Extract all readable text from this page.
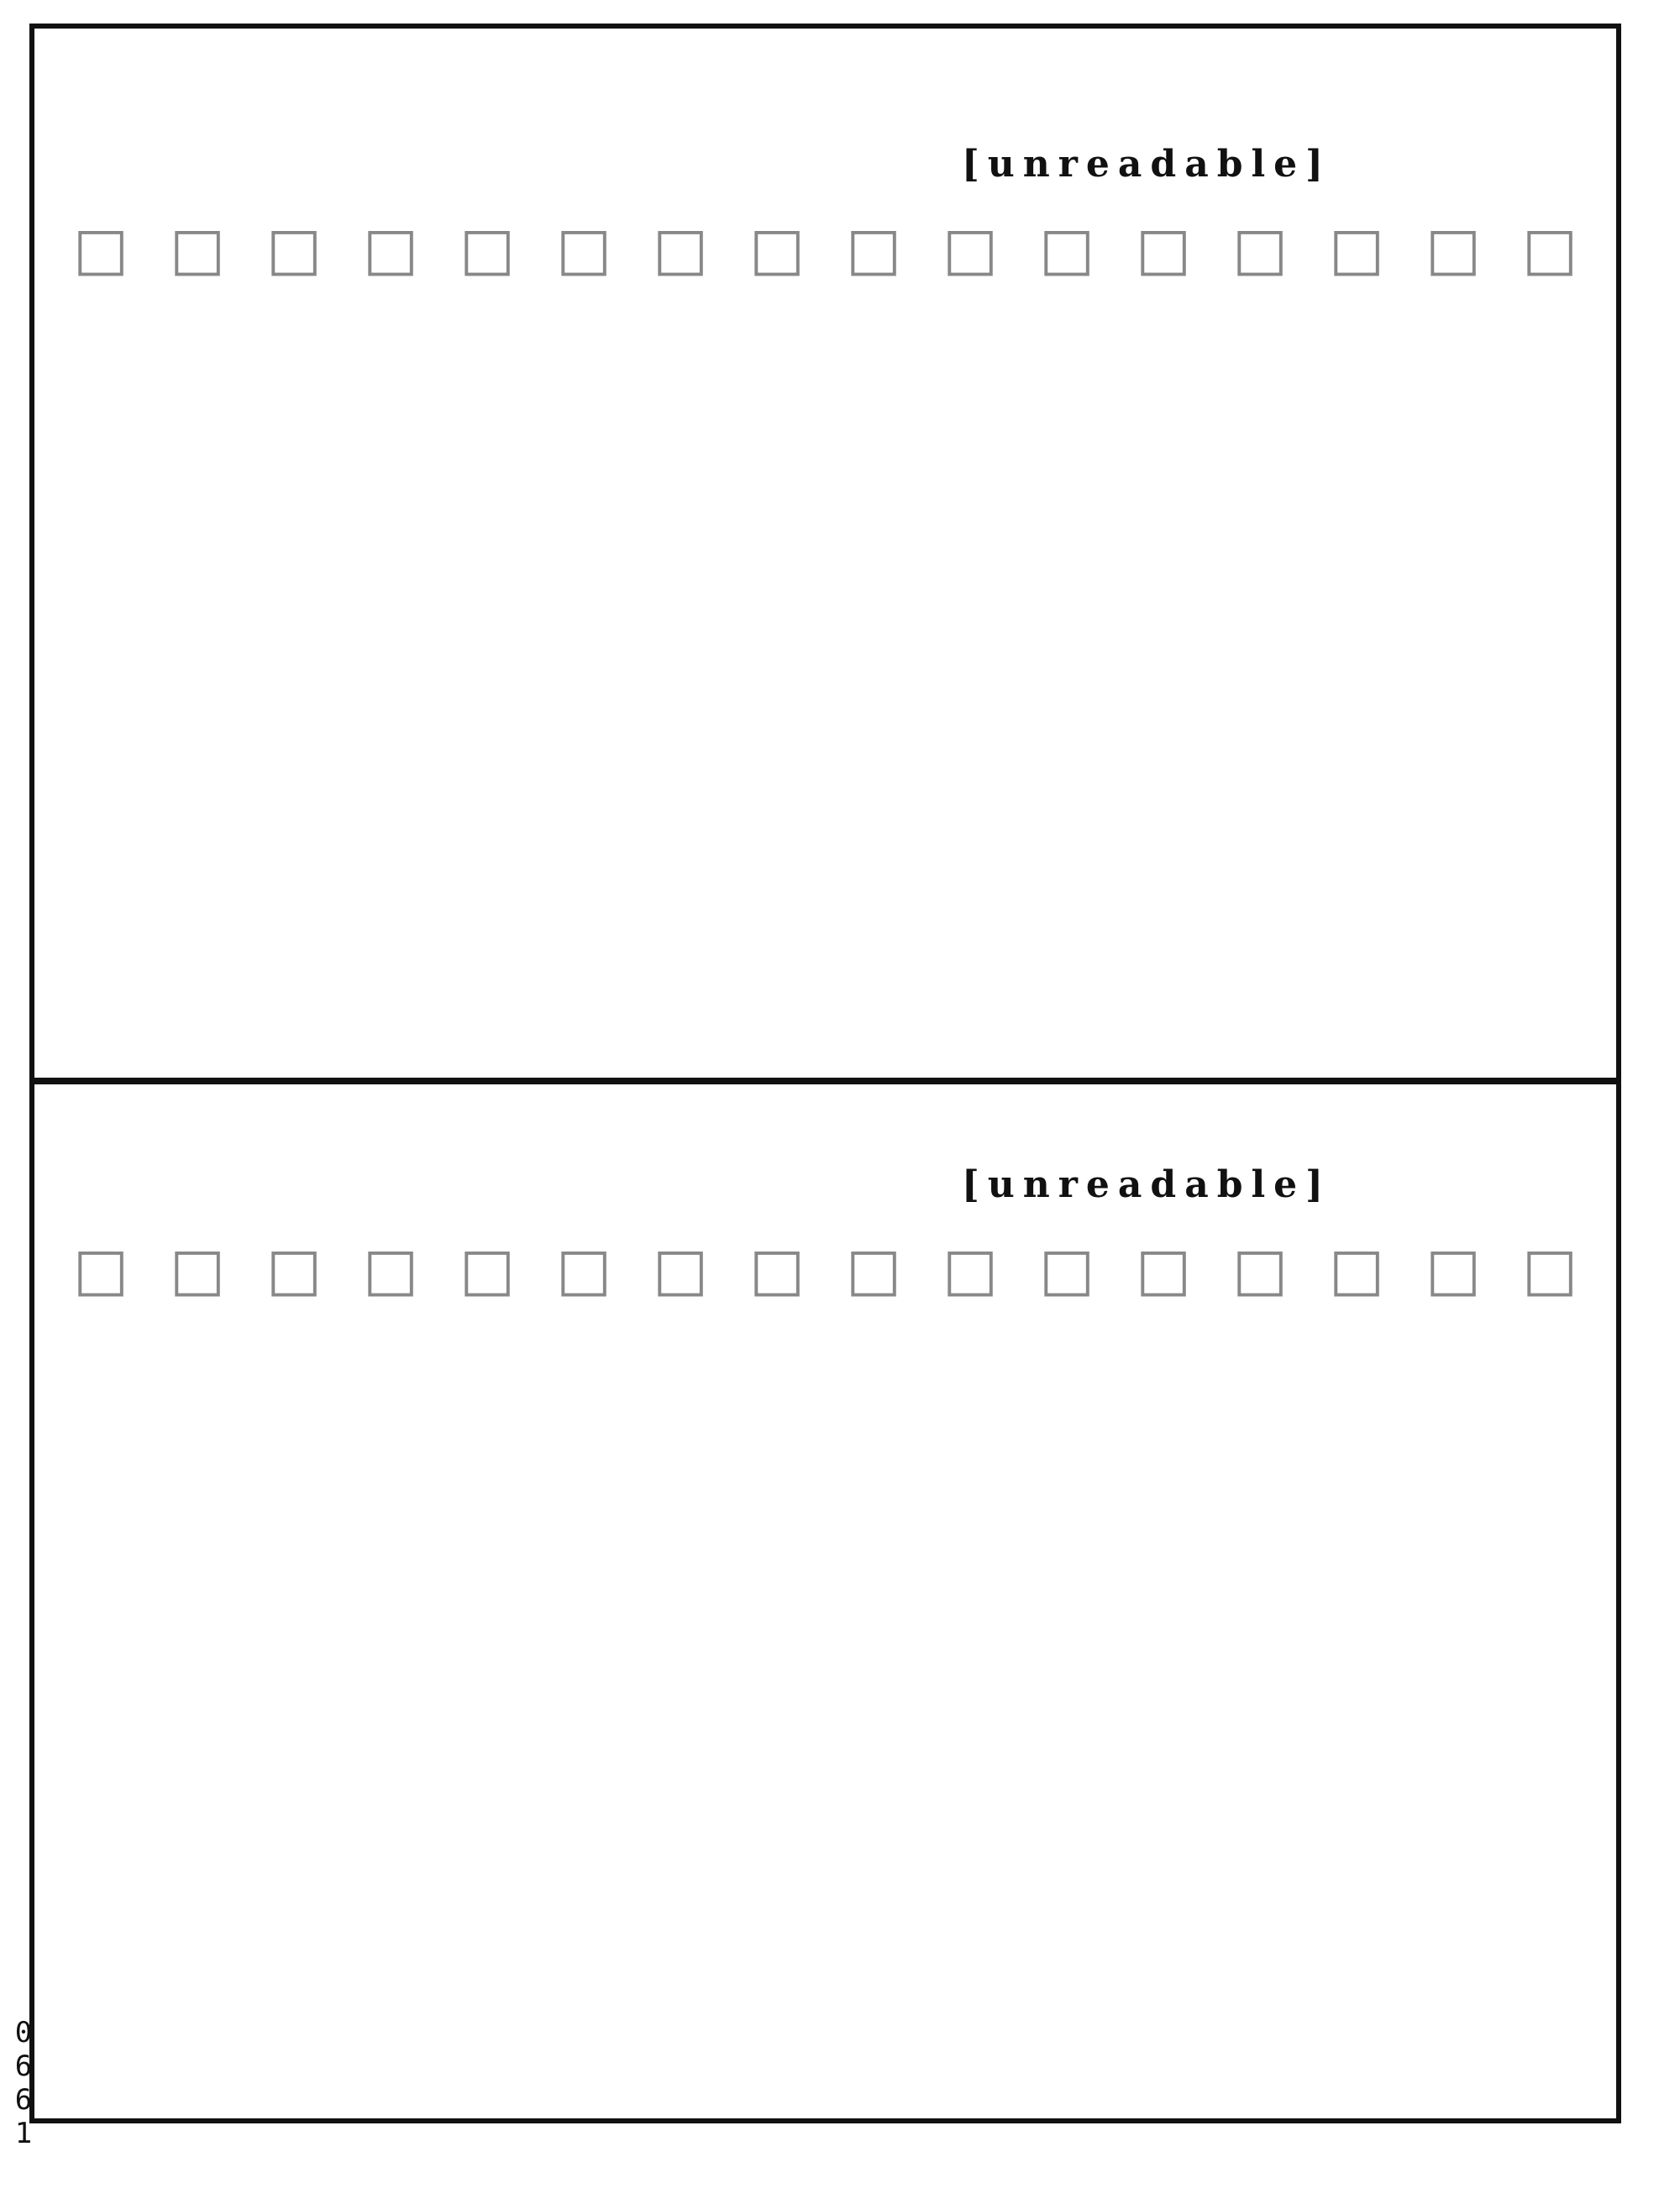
[unreadable]
□
□
□
□
□
□
□
□
□
□
□
□
□
□
□
□
[unreadable]
□
□
□
□
□
□
□
□
□
□
□
□
□
□
□
□
0661
